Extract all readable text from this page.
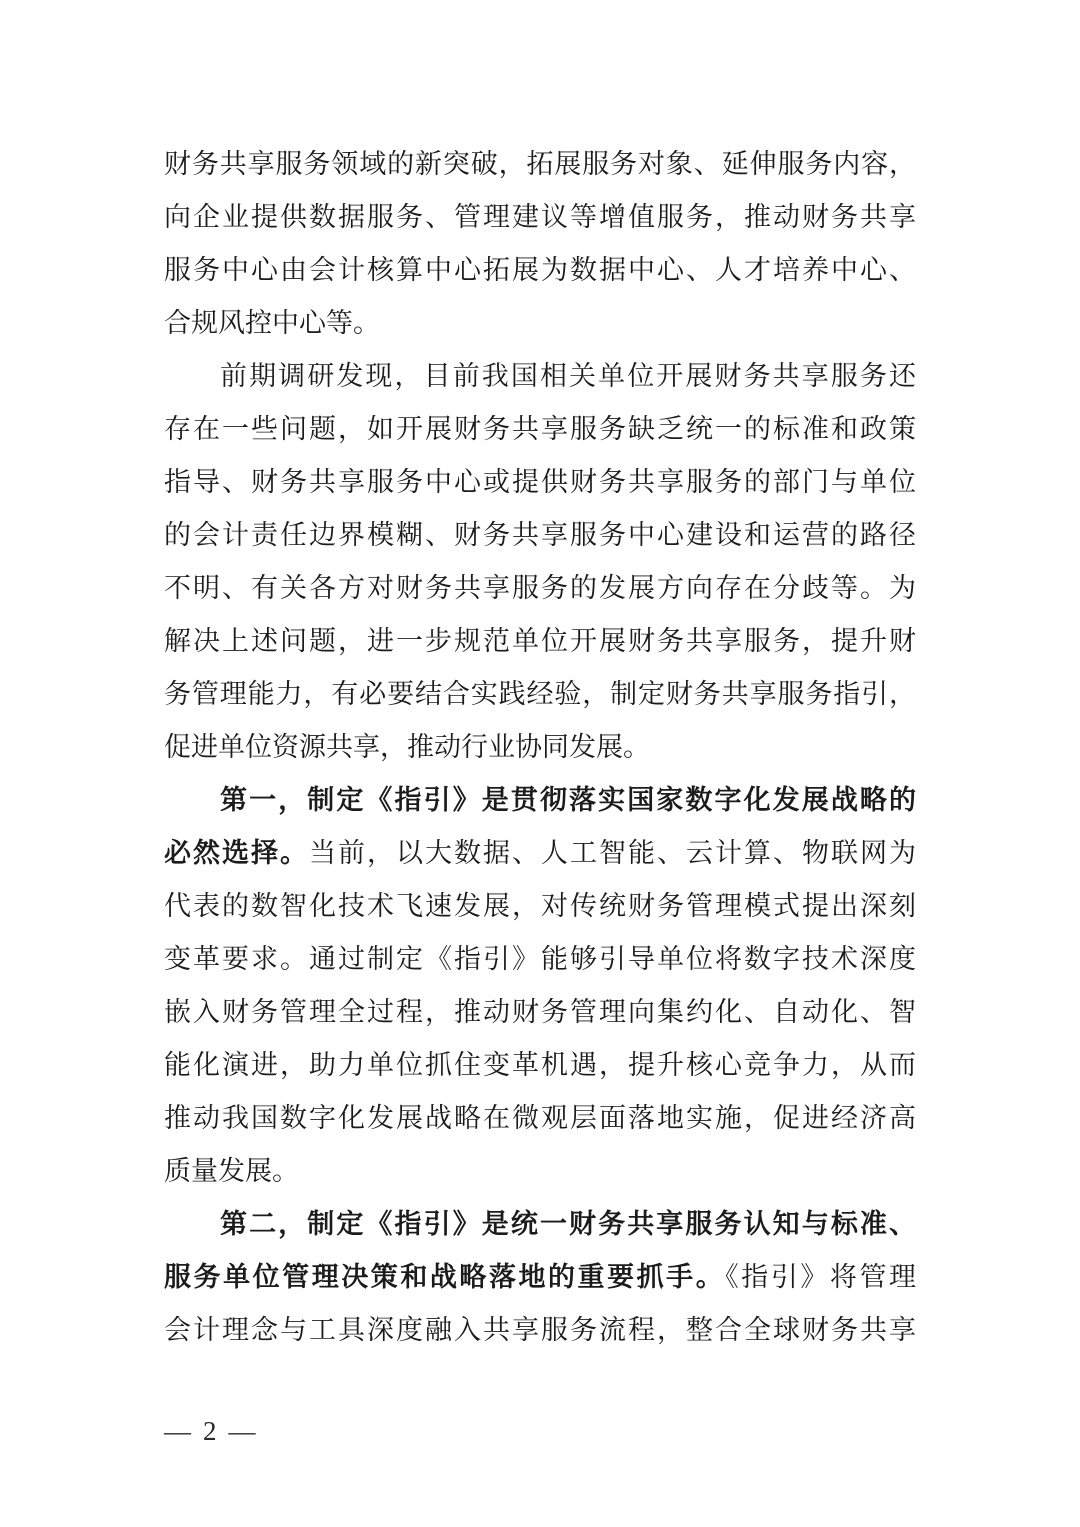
财务共享服务领域的新突破，拓展服务对象、延伸服务内容，
向企业提供数据服务、管理建议等增值服务，推动财务共享
服务中心由会计核算中心拓展为数据中心、人才培养中心、
合规风控中心等。
前期调研发现，目前我国相关单位开展财务共享服务还
存在一些问题，如开展财务共享服务缺乏统一的标准和政策
指导、财务共享服务中心或提供财务共享服务的部门与单位
的会计责任边界模糊、财务共享服务中心建设和运营的路径
不明、有关各方对财务共享服务的发展方向存在分歧等。为
解决上述问题，进一步规范单位开展财务共享服务，提升财
务管理能力，有必要结合实践经验，制定财务共享服务指引，
促进单位资源共享，推动行业协同发展。
第一，制定《指引》是贯彻落实国家数字化发展战略的
必然选择。当前，以大数据、人工智能、云计算、物联网为
代表的数智化技术飞速发展，对传统财务管理模式提出深刻
变革要求。通过制定《指引》能够引导单位将数字技术深度
嵌入财务管理全过程，推动财务管理向集约化、自动化、智
能化演进，助力单位抓住变革机遇，提升核心竞争力，从而
推动我国数字化发展战略在微观层面落地实施，促进经济高
质量发展。
第二，制定《指引》是统一财务共享服务认知与标准、
服务单位管理决策和战略落地的重要抓手。《指引》将管理
会计理念与工具深度融入共享服务流程，整合全球财务共享
— 2 —
